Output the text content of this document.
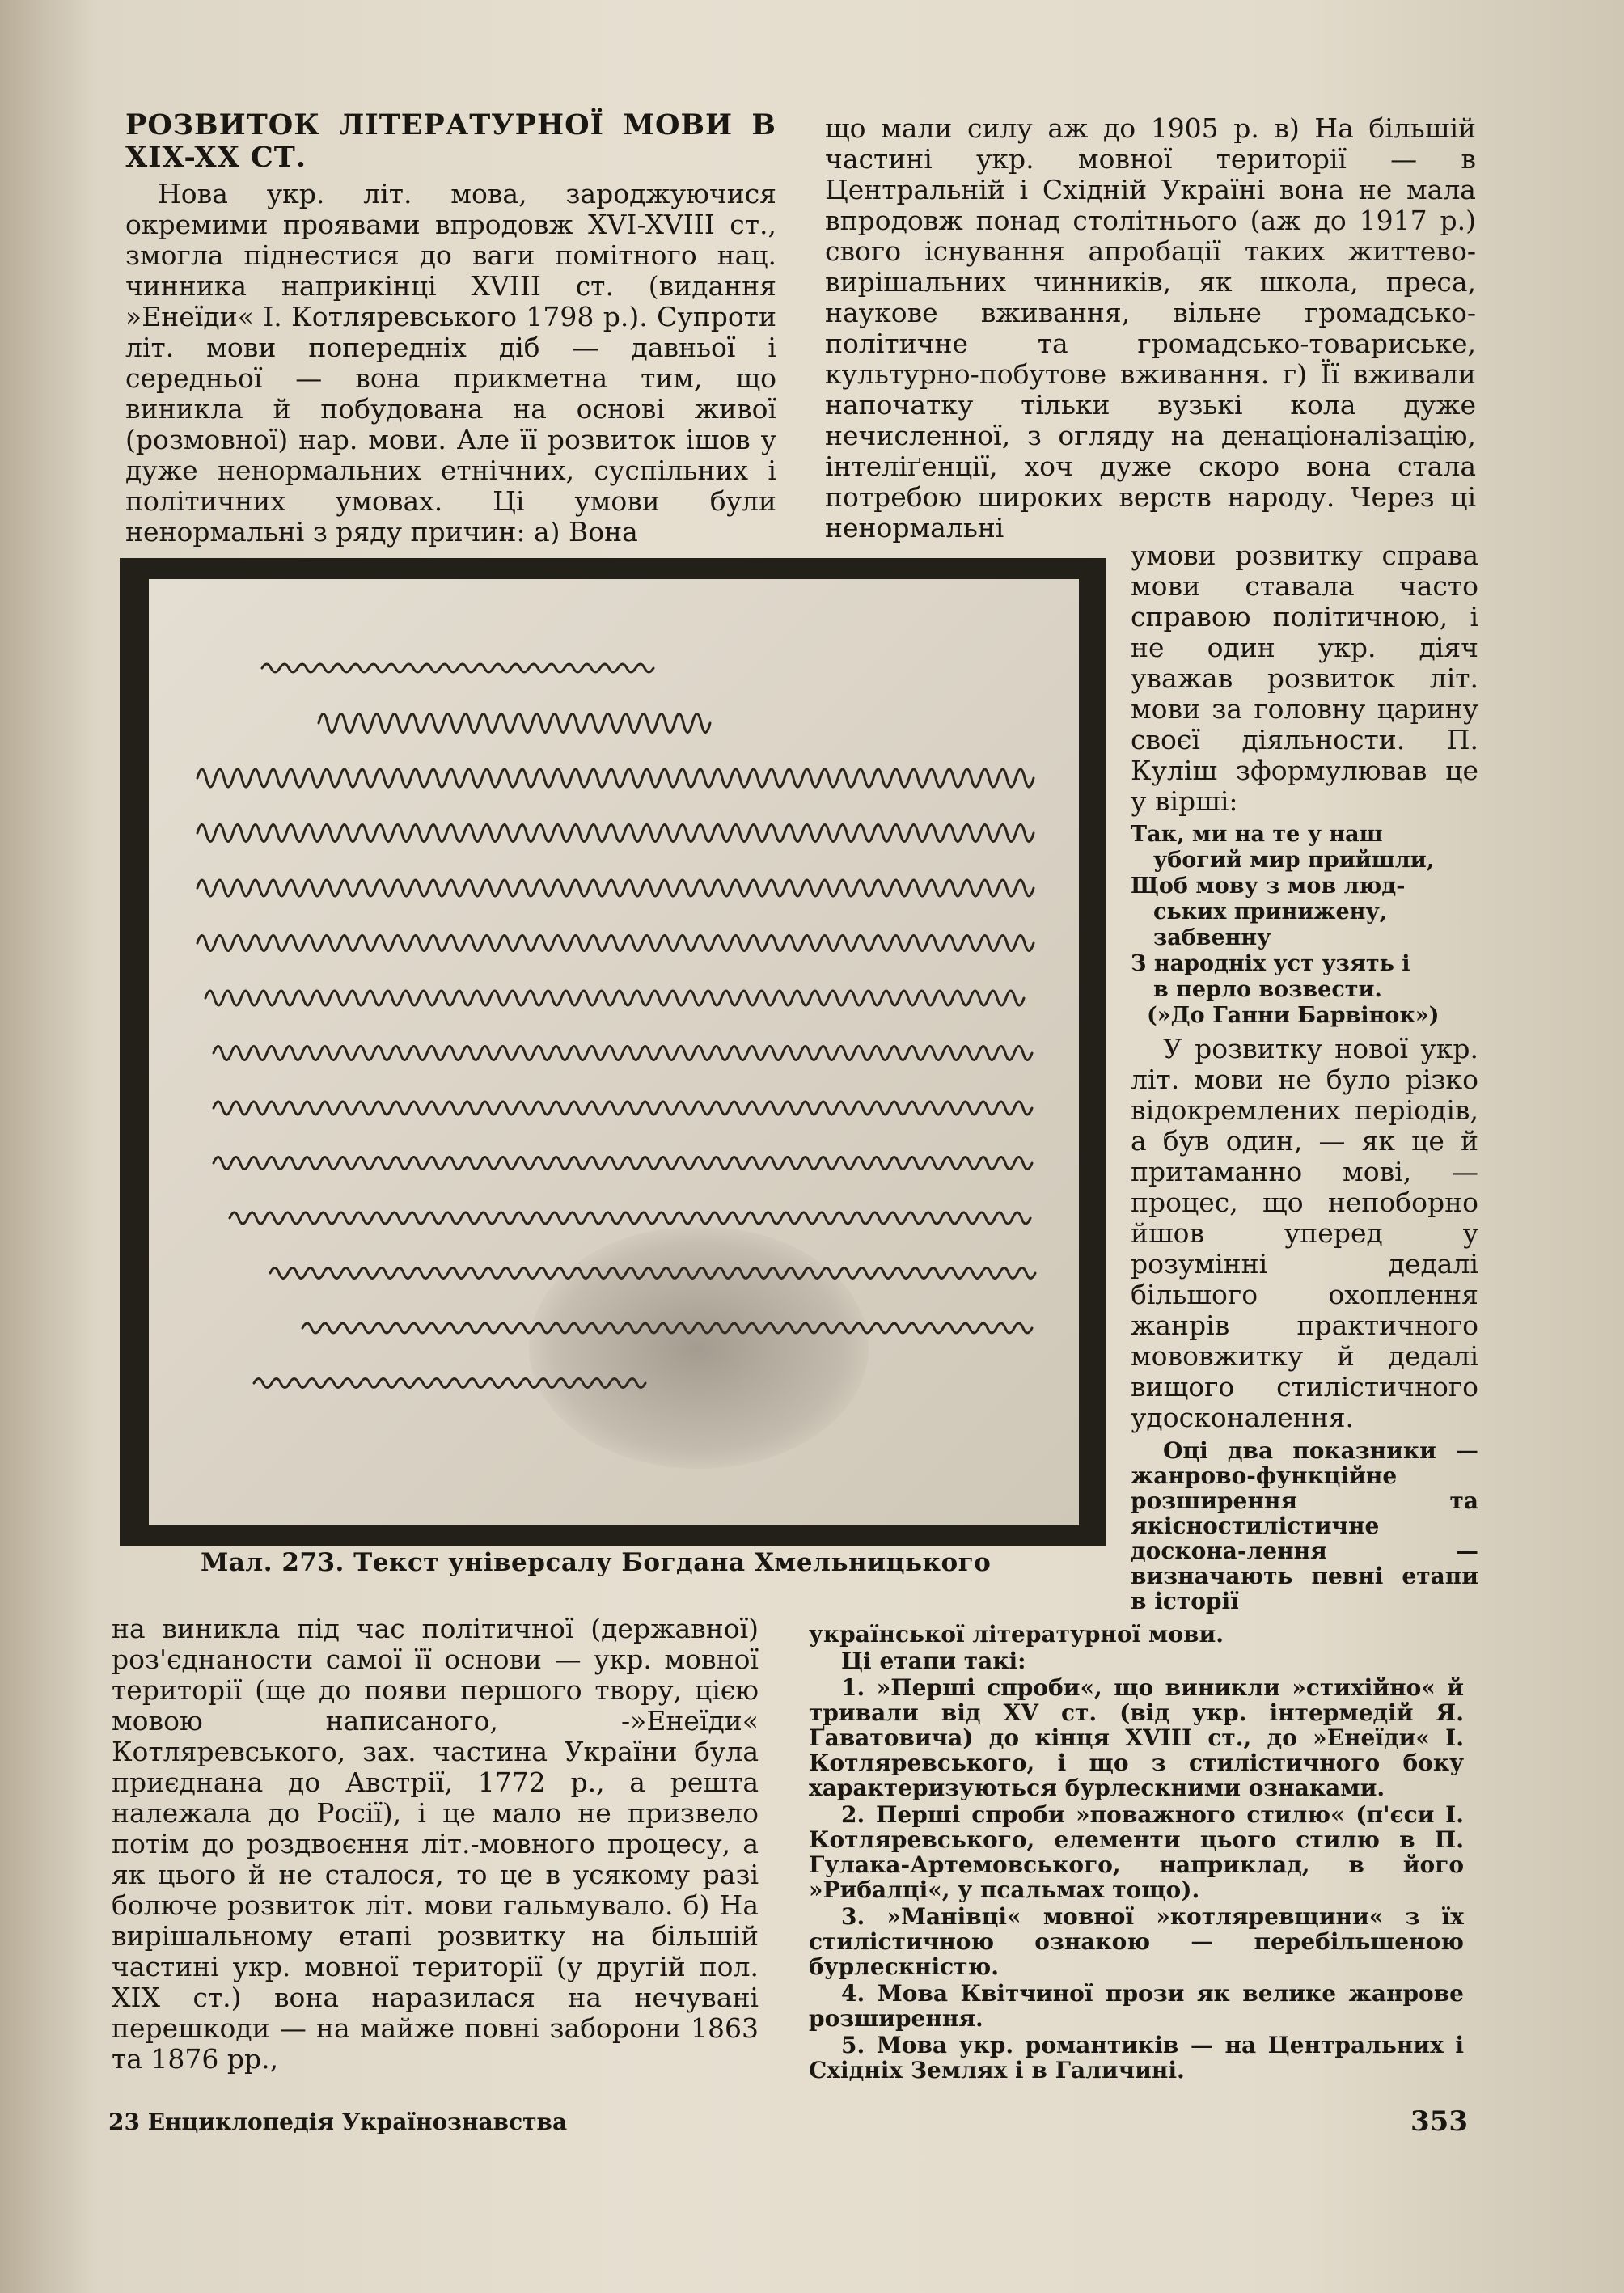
РОЗВИТОК ЛІТЕРАТУРНОЇ МОВИ В XIX-XX СТ.

Нова укр. літ. мова, зароджуючися окремими проявами впродовж XVI-XVIII ст., змогла піднестися до ваги помітного нац. чинника наприкінці XVIII ст. (видання »Енеїди« І. Котляревського 1798 р.). Супроти літ. мови попередніх діб — давньої і середньої — вона прикметна тим, що виникла й побудована на основі живої (розмовної) нар. мови. Але її розвиток ішов у дуже ненормальних етнічних, суспільних і політичних умовах. Ці умови були ненормальні з ряду причин: а) Вона

що мали силу аж до 1905 р. в) На більшій частині укр. мовної території — в Центральній і Східній Україні вона не мала впродовж понад столітнього (аж до 1917 р.) свого існування апробації таких життево-вирішальних чинників, як школа, преса, наукове вживання, вільне громадсько-політичне та громадсько-товариське, культурно-побутове вживання. г) Її вживали напочатку тільки вузькі кола дуже нечисленної, з огляду на денаціоналізацію, інтеліґенції, хоч дуже скоро вона стала потребою широких верств народу. Через ці ненормальні

умови розвитку справа мови ставала часто справою політичною, і не один укр. діяч уважав розвиток літ. мови за головну царину своєї діяльности. П. Куліш зформулював це у вірші:

Так, ми на те у наш
убогий мир прийшли,
Щоб мову з мов люд-
ських принижену,
забвенну
З народніх уст узять і
в перло возвести.
(»До Ганни Барвінок»)

У розвитку нової укр. літ. мови не було різко відокремлених періодів, а був один, — як це й притаманно мові, — процес, що непоборно йшов уперед у розумінні дедалі більшого охоплення жанрів практичного мововжитку й дедалі вищого стилістичного удосконалення.

Оці два показники — жанрово-функційне розширення та якісностилістичне доскона-лення — визначають певні етапи в історії

Мал. 273. Текст універсалу Богдана Хмельницького

на виникла під час політичної (державної) роз'єднаности самої її основи — укр. мовної території (ще до появи першого твору, цією мовою написаного, -»Енеїди« Котляревського, зах. частина України була приєднана до Австрії, 1772 р., а решта належала до Росії), і це мало не призвело потім до роздвоєння літ.-мовного процесу, а як цього й не сталося, то це в усякому разі болюче розвиток літ. мови гальмувало. б) На вирішальному етапі розвитку на більшій частині укр. мовної території (у другій пол. XIX ст.) вона наразилася на нечувані перешкоди — на майже повні заборони 1863 та 1876 рр.,

української літературної мови.

Ці етапи такі:

1. »Перші спроби«, що виникли »стихійно« й тривали від XV ст. (від укр. інтермедій Я. Ґаватовича) до кінця XVIII ст., до »Енеїди« І. Котляревського, і що з стилістичного боку характеризуються бурлескними ознаками.

2. Перші спроби »поважного стилю« (п'єси І. Котляревського, елементи цього стилю в П. Гулака-Артемовського, наприклад, в його »Рибалці«, у псальмах тощо).

3. »Манівці« мовної »котляревщини« з їх стилістичною ознакою — перебільшеною бурлескністю.

4. Мова Квітчиної прози як велике жанрове розширення.

5. Мова укр. романтиків — на Центральних і Східніх Землях і в Галичині.

23 Енциклопедія Українознавства	353
